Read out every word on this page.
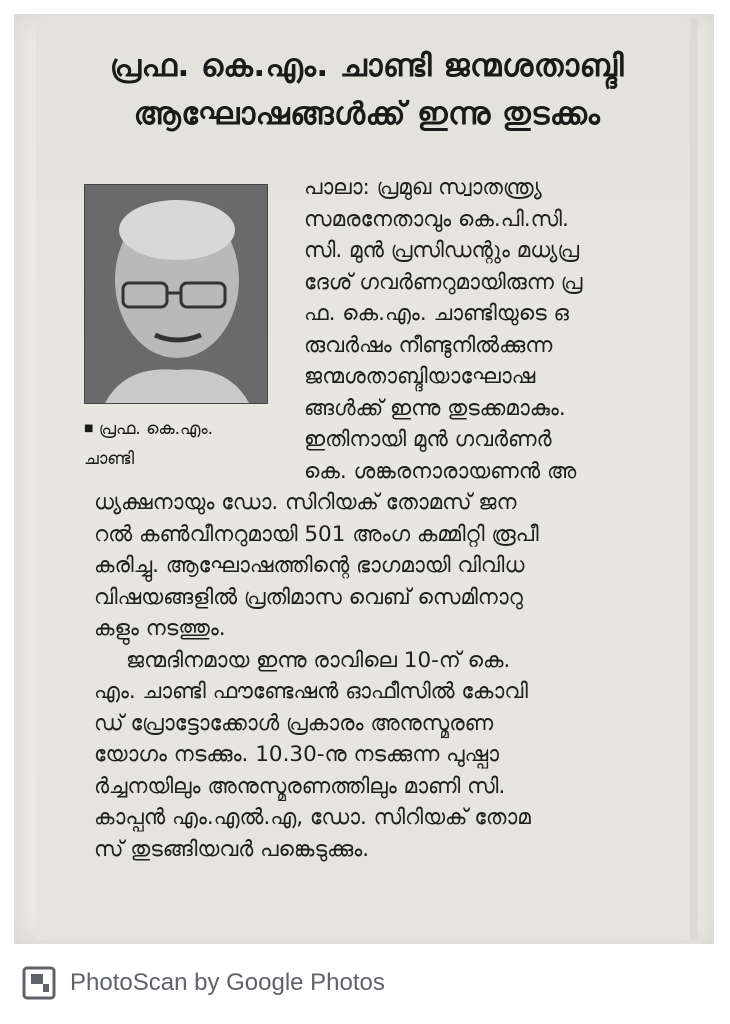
പ്രഫ. കെ.എം. ചാണ്ടി ജന്മശതാബ്ദി
ആഘോഷങ്ങൾക്ക് ഇന്നു തുടക്കം
■ പ്രഫ. കെ.എം.
ചാണ്ടി
പാലാ: പ്രമുഖ സ്വാതന്ത്ര്യ
സമരനേതാവും കെ.പി.സി.
സി. മുൻ പ്രസിഡന്റും മധ്യപ്ര
ദേശ് ഗവർണറുമായിരുന്ന പ്ര
ഫ. കെ.എം. ചാണ്ടിയുടെ ഒ
രുവർഷം നീണ്ടുനിൽക്കുന്ന
ജന്മശതാബ്ദിയാഘോഷ
ങ്ങൾക്ക് ഇന്നു തുടക്കമാകും.
ഇതിനായി മുൻ ഗവർണർ
കെ. ശങ്കരനാരായണൻ അ
ധ്യക്ഷനായും ഡോ. സിറിയക് തോമസ് ജന
റൽ കൺവീനറുമായി 501 അംഗ കമ്മിറ്റി രൂപീ
കരിച്ചു. ആഘോഷത്തിന്റെ ഭാഗമായി വിവിധ
വിഷയങ്ങളിൽ പ്രതിമാസ വെബ് സെമിനാറു
കളും നടത്തും.
ജന്മദിനമായ ഇന്നു രാവിലെ 10-ന് കെ.
എം. ചാണ്ടി ഫൗണ്ടേഷൻ ഓഫീസിൽ കോവി
ഡ് പ്രോട്ടോക്കോൾ പ്രകാരം അനുസ്മരണ
യോഗം നടക്കും. 10.30-നു നടക്കുന്ന പുഷ്പാ
ർച്ചനയിലും അനുസ്മരണത്തിലും മാണി സി.
കാപ്പൻ എം.എൽ.എ, ഡോ. സിറിയക് തോമ
സ് തുടങ്ങിയവർ പങ്കെടുക്കും.
PhotoScan by Google Photos
